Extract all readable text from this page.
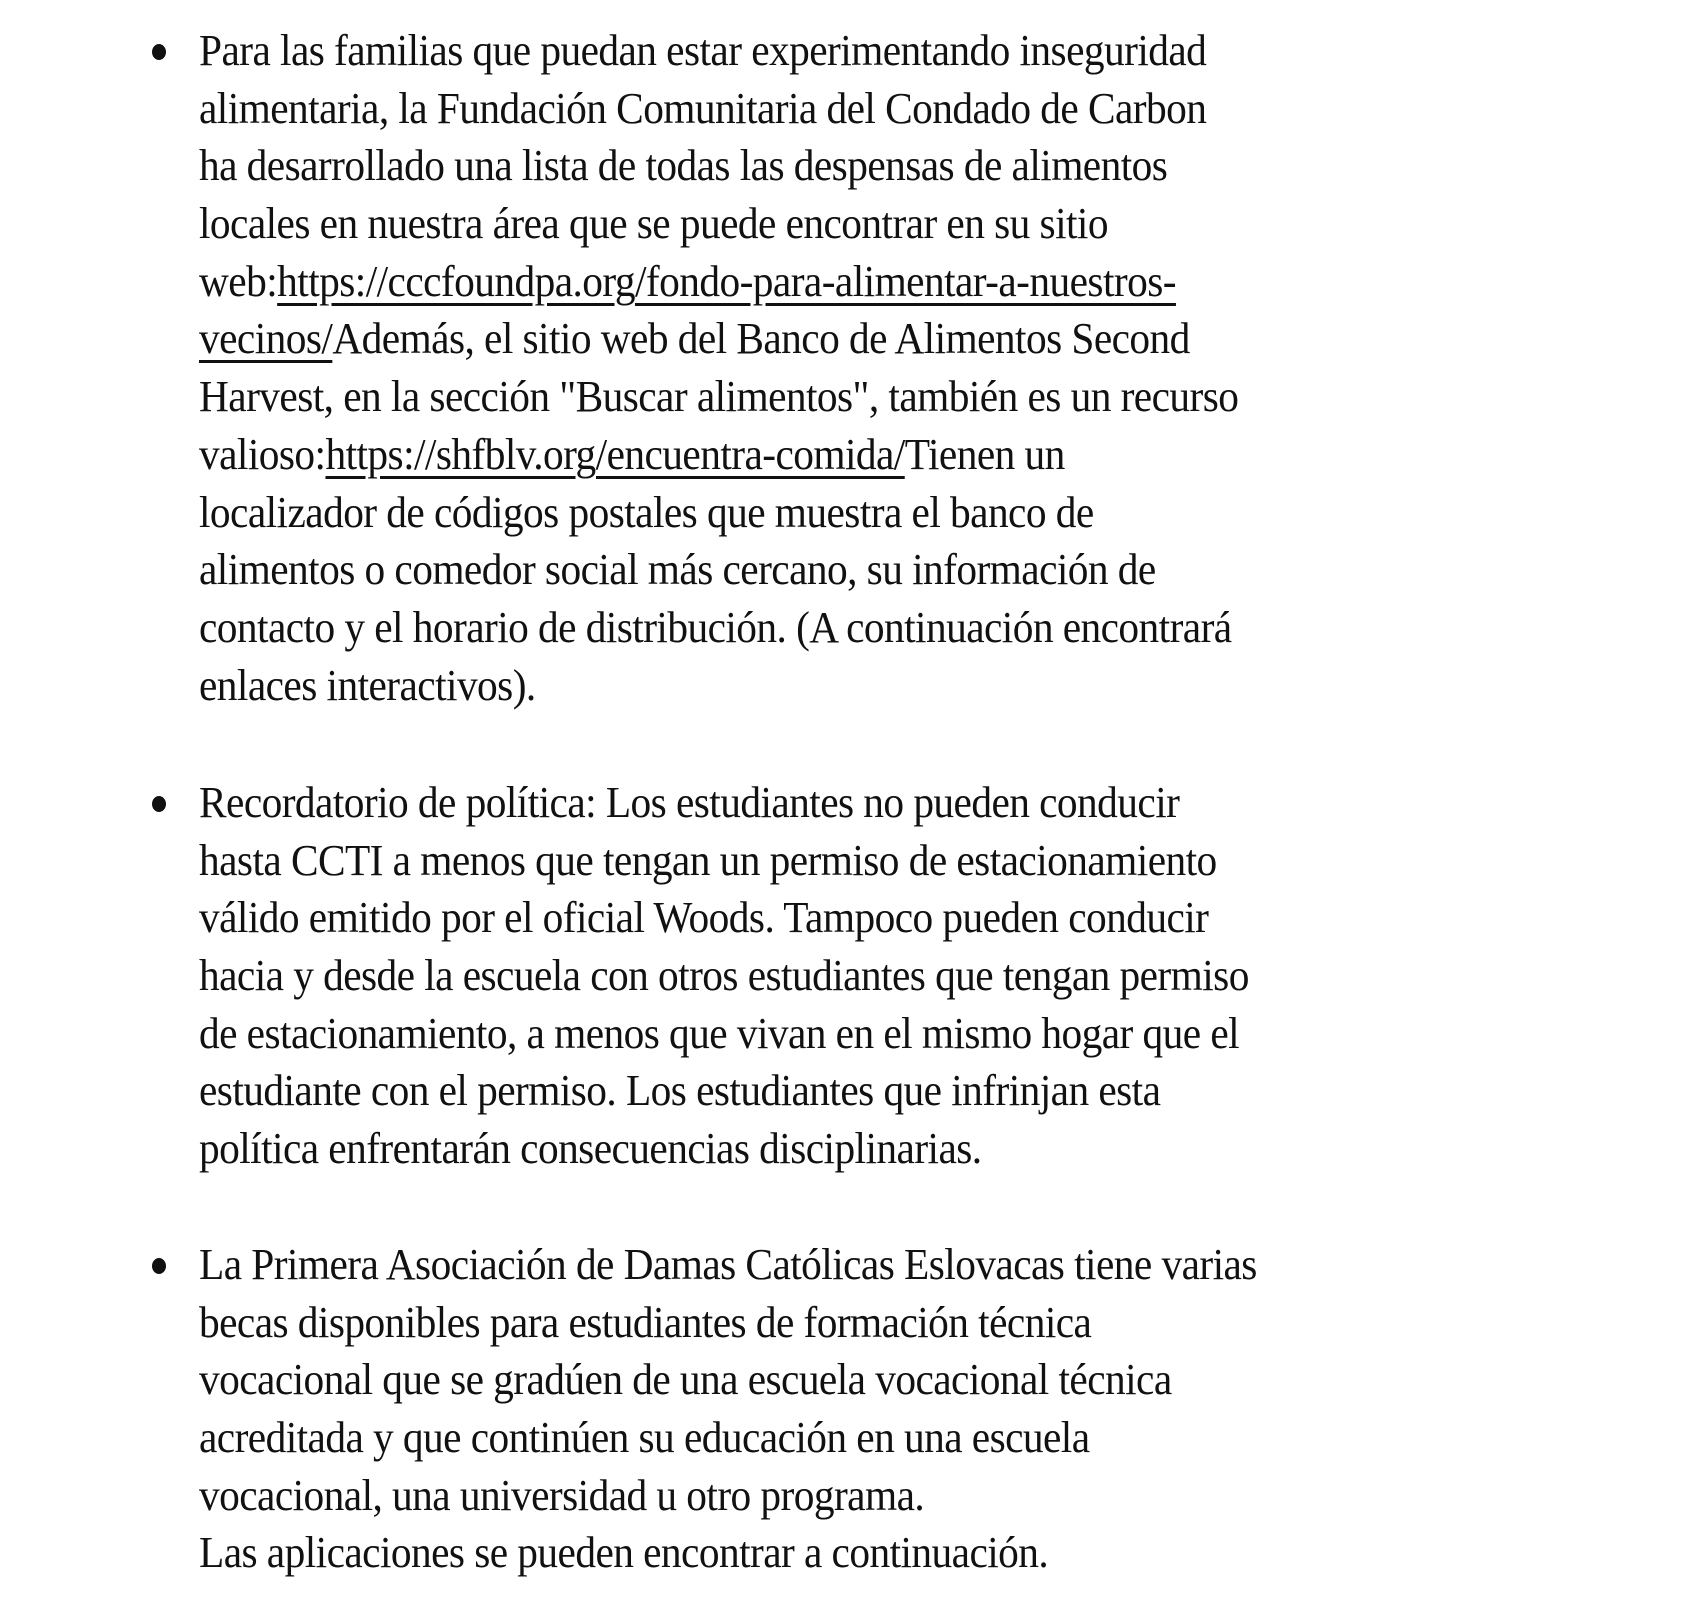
Para las familias que puedan estar experimentando inseguridad
alimentaria, la Fundación Comunitaria del Condado de Carbon
ha desarrollado una lista de todas las despensas de alimentos
locales en nuestra área que se puede encontrar en su sitio
web:https://cccfoundpa.org/fondo-para-alimentar-a-nuestros-
vecinos/Además, el sitio web del Banco de Alimentos Second
Harvest, en la sección "Buscar alimentos", también es un recurso
valioso:https://shfblv.org/encuentra-comida/Tienen un
localizador de códigos postales que muestra el banco de
alimentos o comedor social más cercano, su información de
contacto y el horario de distribución. (A continuación encontrará
enlaces interactivos).
Recordatorio de política: Los estudiantes no pueden conducir
hasta CCTI a menos que tengan un permiso de estacionamiento
válido emitido por el oficial Woods. Tampoco pueden conducir
hacia y desde la escuela con otros estudiantes que tengan permiso
de estacionamiento, a menos que vivan en el mismo hogar que el
estudiante con el permiso. Los estudiantes que infrinjan esta
política enfrentarán consecuencias disciplinarias.
La Primera Asociación de Damas Católicas Eslovacas tiene varias
becas disponibles para estudiantes de formación técnica
vocacional que se gradúen de una escuela vocacional técnica
acreditada y que continúen su educación en una escuela
vocacional, una universidad u otro programa.
Las aplicaciones se pueden encontrar a continuación.
